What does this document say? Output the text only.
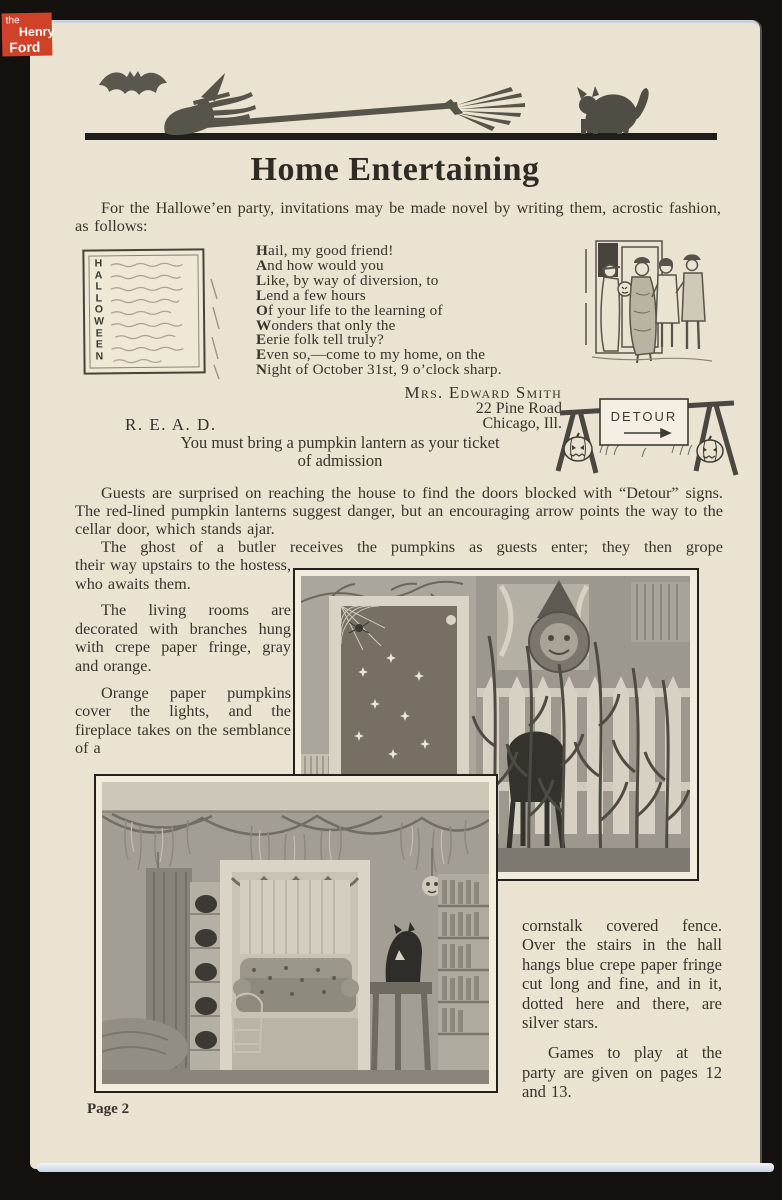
the
Henry
Ford
Home Entertaining
For the Hallowe’en party, invitations may be made novel by writing them, acrostic fashion, as follows:
Hail, my good friend!
And how would you
Like, by way of diversion, to
Lend a few hours
Of your life to the learning of
Wonders that only the
Eerie folk tell truly?
Even so,—come to my home, on the
Night of October 31st, 9 o’clock sharp.
H
A
L
L
O
W
E
E
N
Mrs. Edward Smith
22 Pine Road
Chicago, Ill.
R. E. A. D.
You must bring a pumpkin lantern as your ticket
of admission
DETOUR
Guests are surprised on reaching the house to find the doors blocked with “Detour” signs. The red-lined pumpkin lanterns suggest danger, but an encouraging arrow points the way to the cellar door, which stands ajar.
The ghost of a butler receives the pumpkins as guests enter; they then grope

their way upstairs to the hostess, who awaits them.

The living rooms are decorated with branches hung with crepe paper fringe, gray and orange.

Orange paper pumpkins cover the lights, and the fireplace takes on the semblance of a

cornstalk covered fence. Over the stairs in the hall hangs blue crepe paper fringe cut long and fine, and in it, dotted here and there, are silver stars.

Games to play at the party are given on pages 12 and 13.

Page 2
